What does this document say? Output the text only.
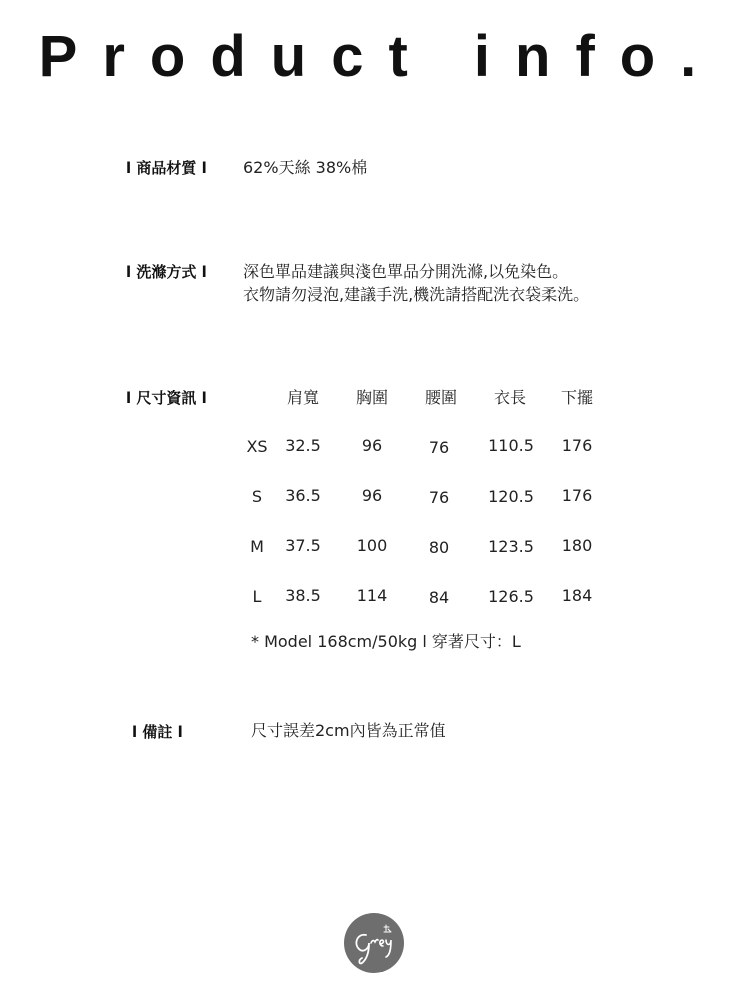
Product info.
l 商品材質 l 62%天絲 38%棉
l 洗滌方式 l 深色單品建議與淺色單品分開洗滌,以免染色。
衣物請勿浸泡,建議手洗,機洗請搭配洗衣袋柔洗。
l 尺寸資訊 l	肩寬	胸圍	腰圍	衣長	下擺
XS	32.5	96	76	110.5	176
S	36.5	96	76	120.5	176
M	37.5	100	80	123.5	180
L	38.5	114	84	126.5	184
* Model 168cm/50kg l 穿著尺寸：L
l 備註 l	尺寸誤差2cm內皆為正常值
